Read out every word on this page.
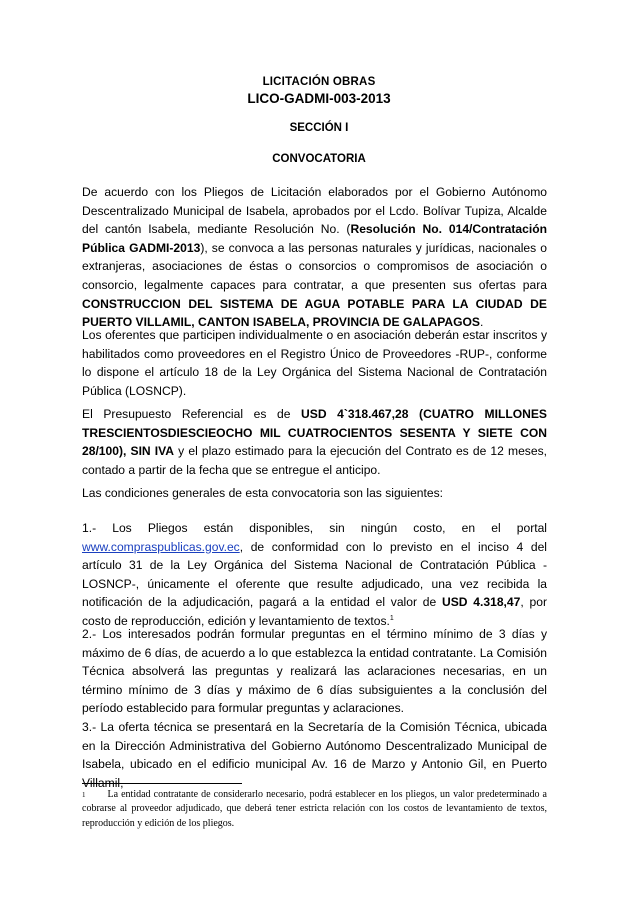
LICITACIÓN OBRAS
LICO-GADMI-003-2013
SECCIÓN I
CONVOCATORIA

De acuerdo con los Pliegos de Licitación elaborados por el Gobierno Autónomo Descentralizado Municipal de Isabela, aprobados por el Lcdo. Bolívar Tupiza, Alcalde del cantón Isabela, mediante Resolución No. (Resolución No. 014/Contratación Pública GADMI-2013), se convoca a las personas naturales y jurídicas, nacionales o extranjeras, asociaciones de éstas o consorcios o compromisos de asociación o consorcio, legalmente capaces para contratar, a que presenten sus ofertas para CONSTRUCCION DEL SISTEMA DE AGUA POTABLE PARA LA CIUDAD DE PUERTO VILLAMIL, CANTON ISABELA, PROVINCIA DE GALAPAGOS.

Los oferentes que participen individualmente o en asociación deberán estar inscritos y habilitados como proveedores en el Registro Único de Proveedores -RUP-, conforme lo dispone el artículo 18 de la Ley Orgánica del Sistema Nacional de Contratación Pública (LOSNCP).

El Presupuesto Referencial es de USD 4`318.467,28 (CUATRO MILLONES TRESCIENTOSDIESCIEOCHO MIL CUATROCIENTOS SESENTA Y SIETE CON 28/100), SIN IVA y el plazo estimado para la ejecución del Contrato es de 12 meses, contado a partir de la fecha que se entregue el anticipo.

Las condiciones generales de esta convocatoria son las siguientes:

1.- Los Pliegos están disponibles, sin ningún costo, en el portal www.compraspublicas.gov.ec, de conformidad con lo previsto en el inciso 4 del artículo 31 de la Ley Orgánica del Sistema Nacional de Contratación Pública -LOSNCP-, únicamente el oferente que resulte adjudicado, una vez recibida la notificación de la adjudicación, pagará a la entidad el valor de USD 4.318,47, por costo de reproducción, edición y levantamiento de textos.$^1$

2.- Los interesados podrán formular preguntas en el término mínimo de 3 días y máximo de 6 días, de acuerdo a lo que establezca la entidad contratante. La Comisión Técnica absolverá las preguntas y realizará las aclaraciones necesarias, en un término mínimo de 3 días y máximo de 6 días subsiguientes a la conclusión del período establecido para formular preguntas y aclaraciones.

3.- La oferta técnica se presentará en la Secretaría de la Comisión Técnica, ubicada en la Dirección Administrativa del Gobierno Autónomo Descentralizado Municipal de Isabela, ubicado en el edificio municipal Av. 16 de Marzo y Antonio Gil, en Puerto Villamil,

$^1$ La entidad contratante de considerarlo necesario, podrá establecer en los pliegos, un valor predeterminado a cobrarse al proveedor adjudicado, que deberá tener estricta relación con los costos de levantamiento de textos, reproducción y edición de los pliegos.
